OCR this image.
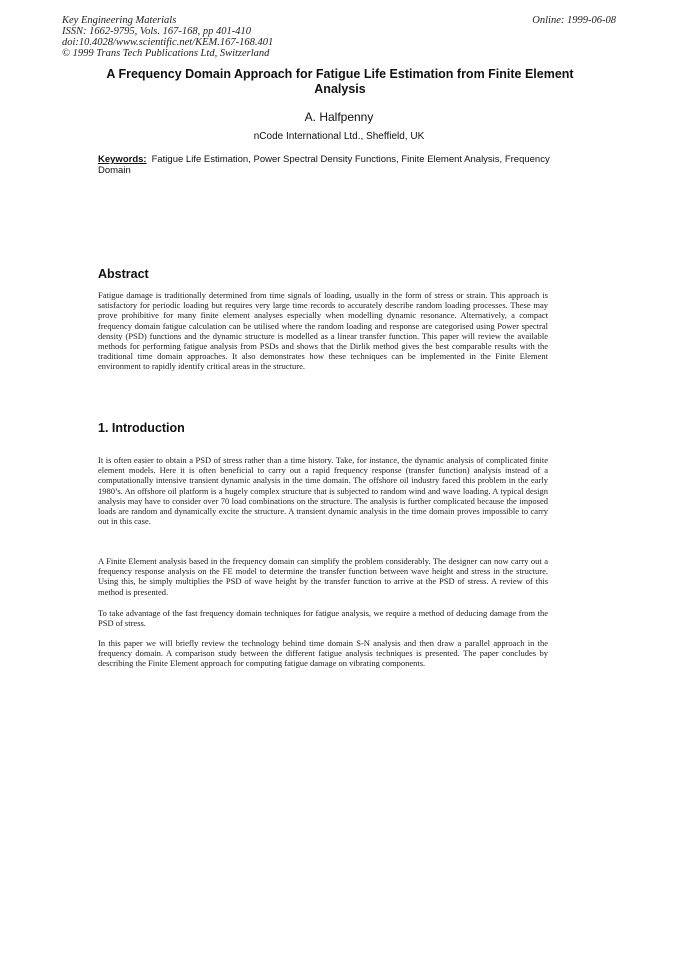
Key Engineering Materials
ISSN: 1662-9795, Vols. 167-168, pp 401-410
doi:10.4028/www.scientific.net/KEM.167-168.401
© 1999 Trans Tech Publications Ltd, Switzerland
Online: 1999-06-08
A Frequency Domain Approach for Fatigue Life Estimation from Finite Element Analysis
A. Halfpenny
nCode International Ltd., Sheffield, UK
Keywords: Fatigue Life Estimation, Power Spectral Density Functions, Finite Element Analysis, Frequency Domain
Abstract

Fatigue damage is traditionally determined from time signals of loading, usually in the form of stress or strain. This approach is satisfactory for periodic loading but requires very large time records to accurately describe random loading processes. These may prove prohibitive for many finite element analyses especially when modelling dynamic resonance. Alternatively, a compact frequency domain fatigue calculation can be utilised where the random loading and response are categorised using Power spectral density (PSD) functions and the dynamic structure is modelled as a linear transfer function. This paper will review the available methods for performing fatigue analysis from PSDs and shows that the Dirlik method gives the best comparable results with the traditional time domain approaches. It also demonstrates how these techniques can be implemented in the Finite Element environment to rapidly identify critical areas in the structure.

1. Introduction

It is often easier to obtain a PSD of stress rather than a time history. Take, for instance, the dynamic analysis of complicated finite element models. Here it is often beneficial to carry out a rapid frequency response (transfer function) analysis instead of a computationally intensive transient dynamic analysis in the time domain. The offshore oil industry faced this problem in the early 1980’s. An offshore oil platform is a hugely complex structure that is subjected to random wind and wave loading. A typical design analysis may have to consider over 70 load combinations on the structure. The analysis is further complicated because the imposed loads are random and dynamically excite the structure. A transient dynamic analysis in the time domain proves impossible to carry out in this case.

A Finite Element analysis based in the frequency domain can simplify the problem considerably. The designer can now carry out a frequency response analysis on the FE model to determine the transfer function between wave height and stress in the structure. Using this, he simply multiplies the PSD of wave height by the transfer function to arrive at the PSD of stress. A review of this method is presented.

To take advantage of the fast frequency domain techniques for fatigue analysis, we require a method of deducing damage from the PSD of stress.

In this paper we will briefly review the technology behind time domain S-N analysis and then draw a parallel approach in the frequency domain. A comparison study between the different fatigue analysis techniques is presented. The paper concludes by describing the Finite Element approach for computing fatigue damage on vibrating components.
